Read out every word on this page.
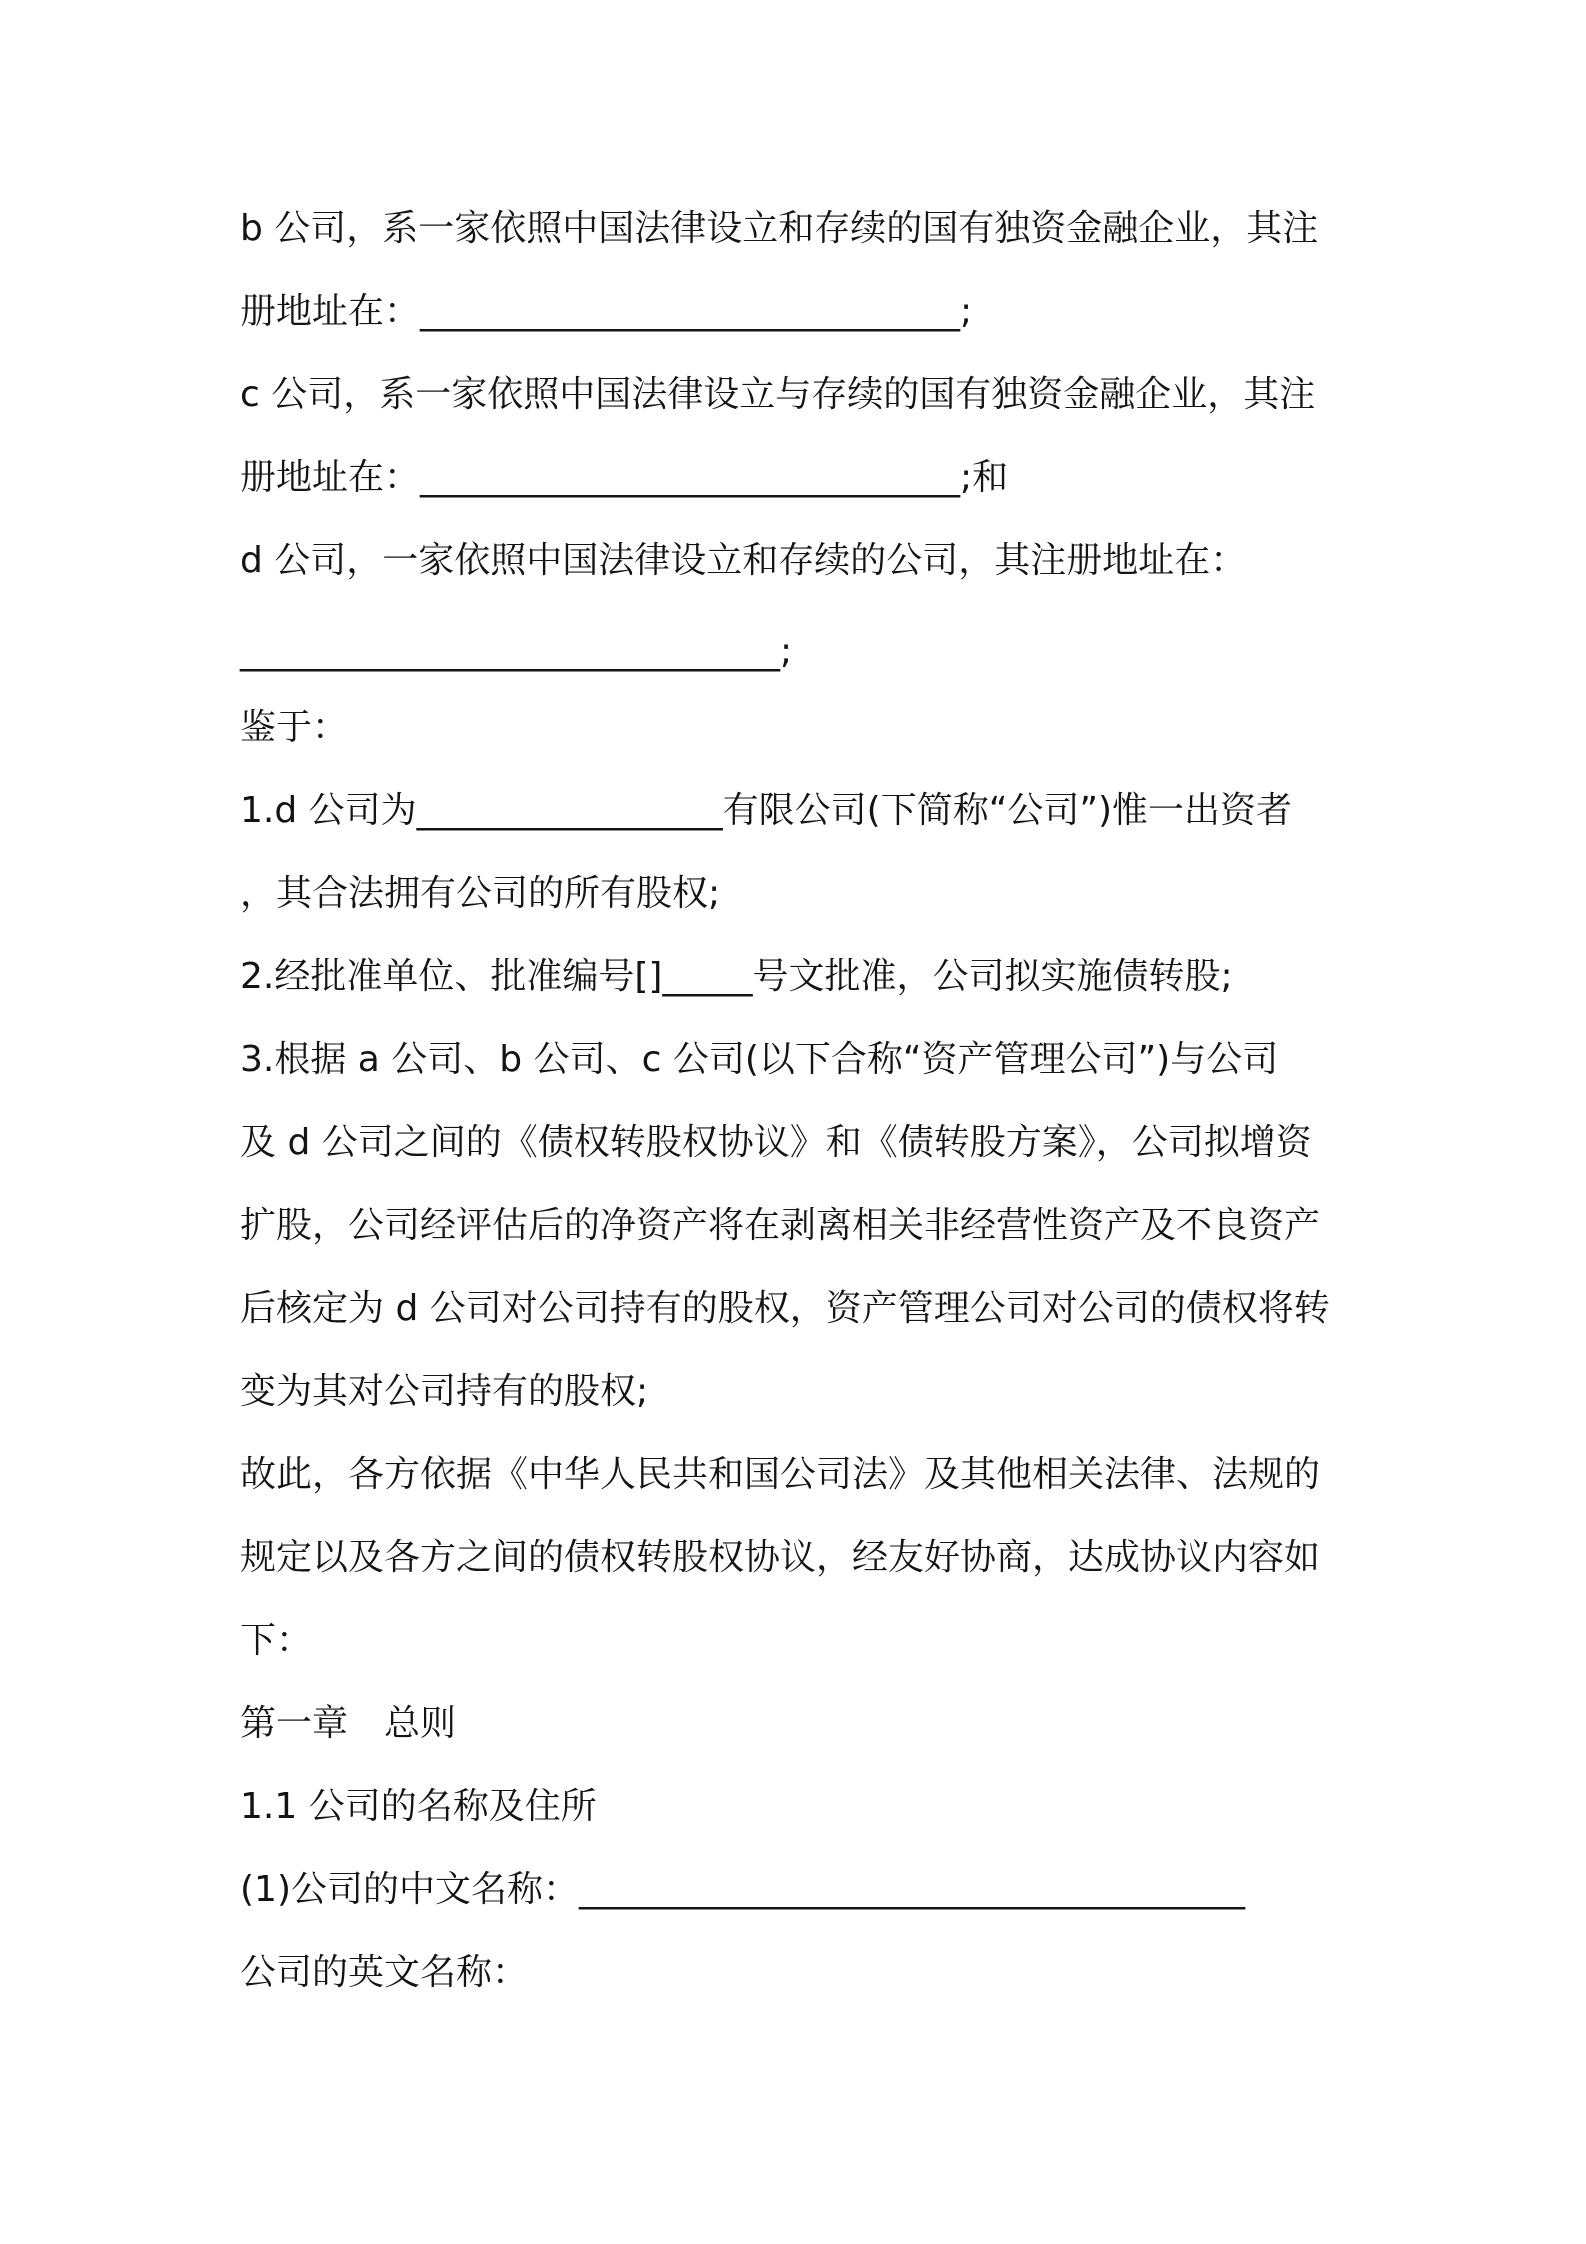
b 公司，系一家依照中国法律设立和存续的国有独资金融企业，其注
册地址在：______________________________;
c 公司，系一家依照中国法律设立与存续的国有独资金融企业，其注
册地址在：______________________________;和
d 公司，一家依照中国法律设立和存续的公司，其注册地址在：
______________________________;
鉴于：
1.d 公司为_________________有限公司(下简称“公司”)惟一出资者
，其合法拥有公司的所有股权;
2.经批准单位、批准编号[]_____号文批准，公司拟实施债转股;
3.根据 a 公司、b 公司、c 公司(以下合称“资产管理公司”)与公司
及 d 公司之间的《债权转股权协议》和《债转股方案》，公司拟增资
扩股，公司经评估后的净资产将在剥离相关非经营性资产及不良资产
后核定为 d 公司对公司持有的股权，资产管理公司对公司的债权将转
变为其对公司持有的股权;
故此，各方依据《中华人民共和国公司法》及其他相关法律、法规的
规定以及各方之间的债权转股权协议，经友好协商，达成协议内容如
下：
第一章　总则
1.1 公司的名称及住所
(1)公司的中文名称：_____________________________________
公司的英文名称：
